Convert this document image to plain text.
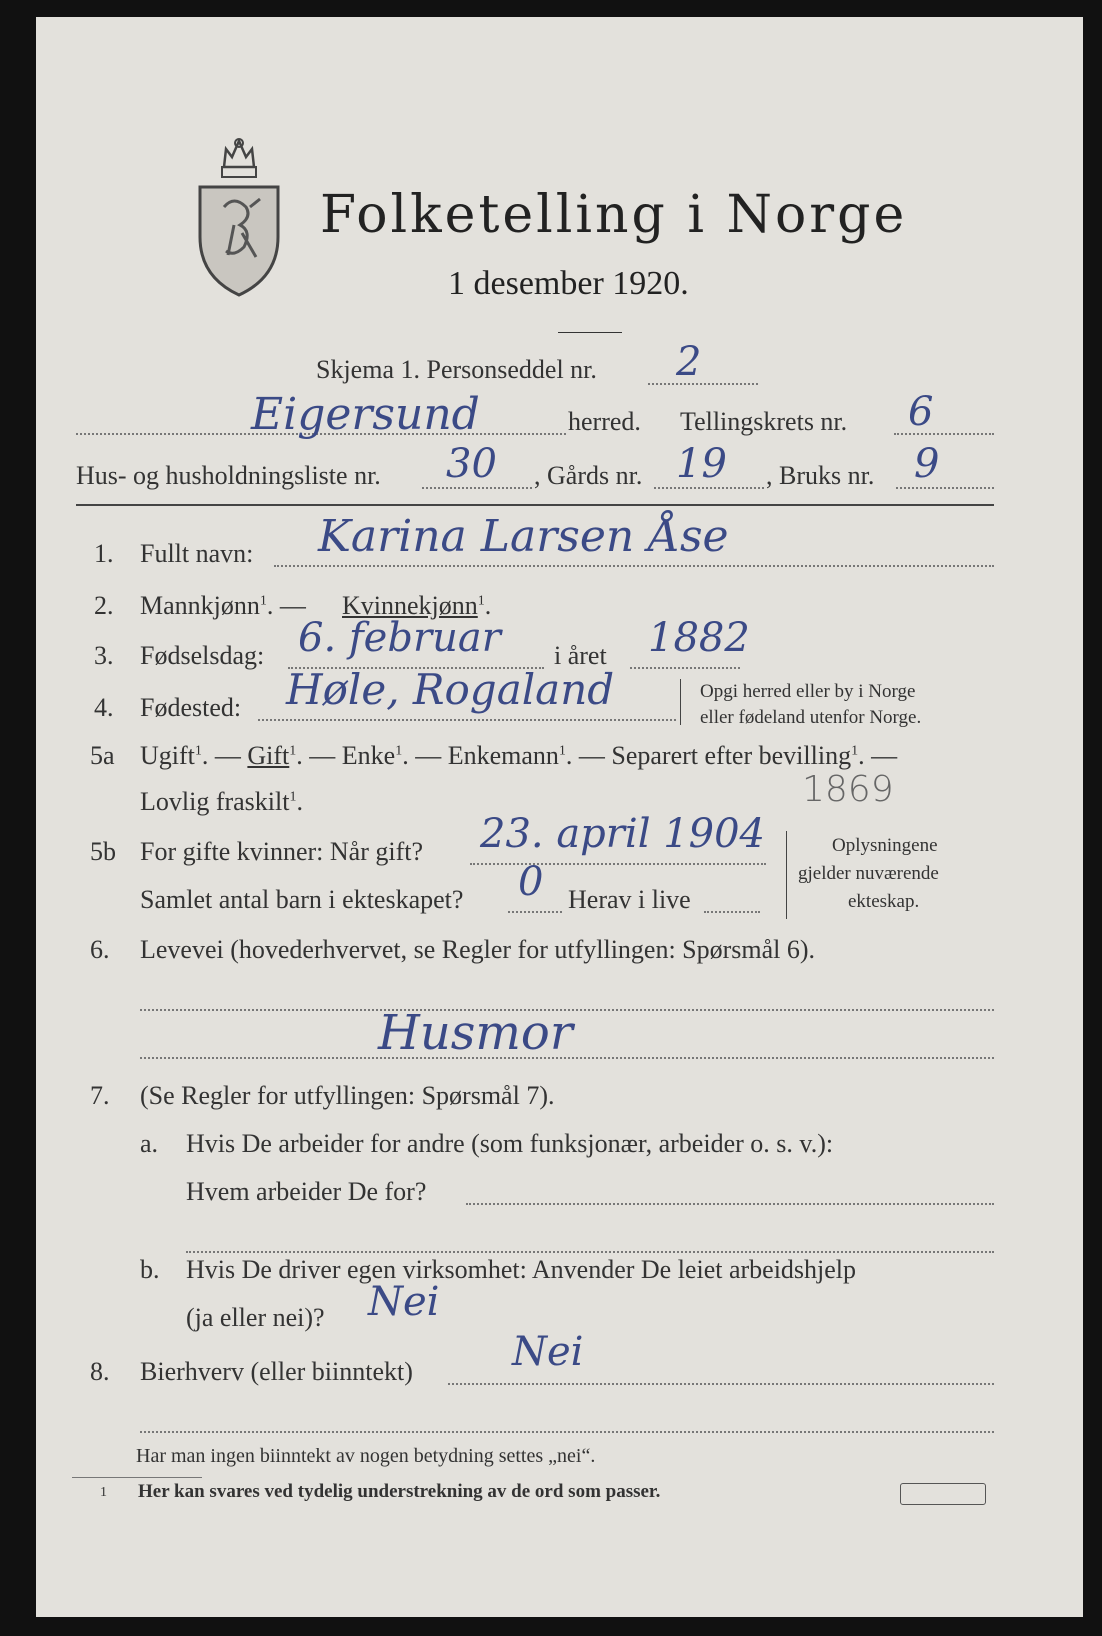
Folketelling i Norge
1 desember 1920.
Skjema 1. Personseddel nr. 2
Eigersund	herred. Tellingskrets nr. 6
Hus- og husholdningsliste nr. 30 , Gårds nr. 19 , Bruks nr. 9
1. Fullt navn: Karina Larsen Åse
2. Mannkjønn$^1$. — Kvinnekjønn$^1$.
3. Fødselsdag: 6. februar i året 1882
4. Fødested: Høle, Rogaland	Opgi herred eller by i Norge
eller fødeland utenfor Norge.
5a Ugift$^1$. — Gift$^1$. — Enke$^1$. — Enkemann$^1$. — Separert efter bevilling$^1$. —
Lovlig fraskilt$^1$.	1869
5b For gifte kvinner: Når gift? 23. april 1904
Samlet antal barn i ekteskapet? 0 Herav i live
Oplysningene
gjelder nuværende
ekteskap.
6. Levevei (hovederhvervet, se Regler for utfyllingen: Spørsmål 6).
Husmor
7. (Se Regler for utfyllingen: Spørsmål 7).
a. Hvis De arbeider for andre (som funksjonær, arbeider o. s. v.):
Hvem arbeider De for?
b. Hvis De driver egen virksomhet: Anvender De leiet arbeidshjelp
(ja eller nei)? Nei
8. Bierhverv (eller biinntekt) Nei
Har man ingen biinntekt av nogen betydning settes „nei“.
1 Her kan svares ved tydelig understrekning av de ord som passer.
